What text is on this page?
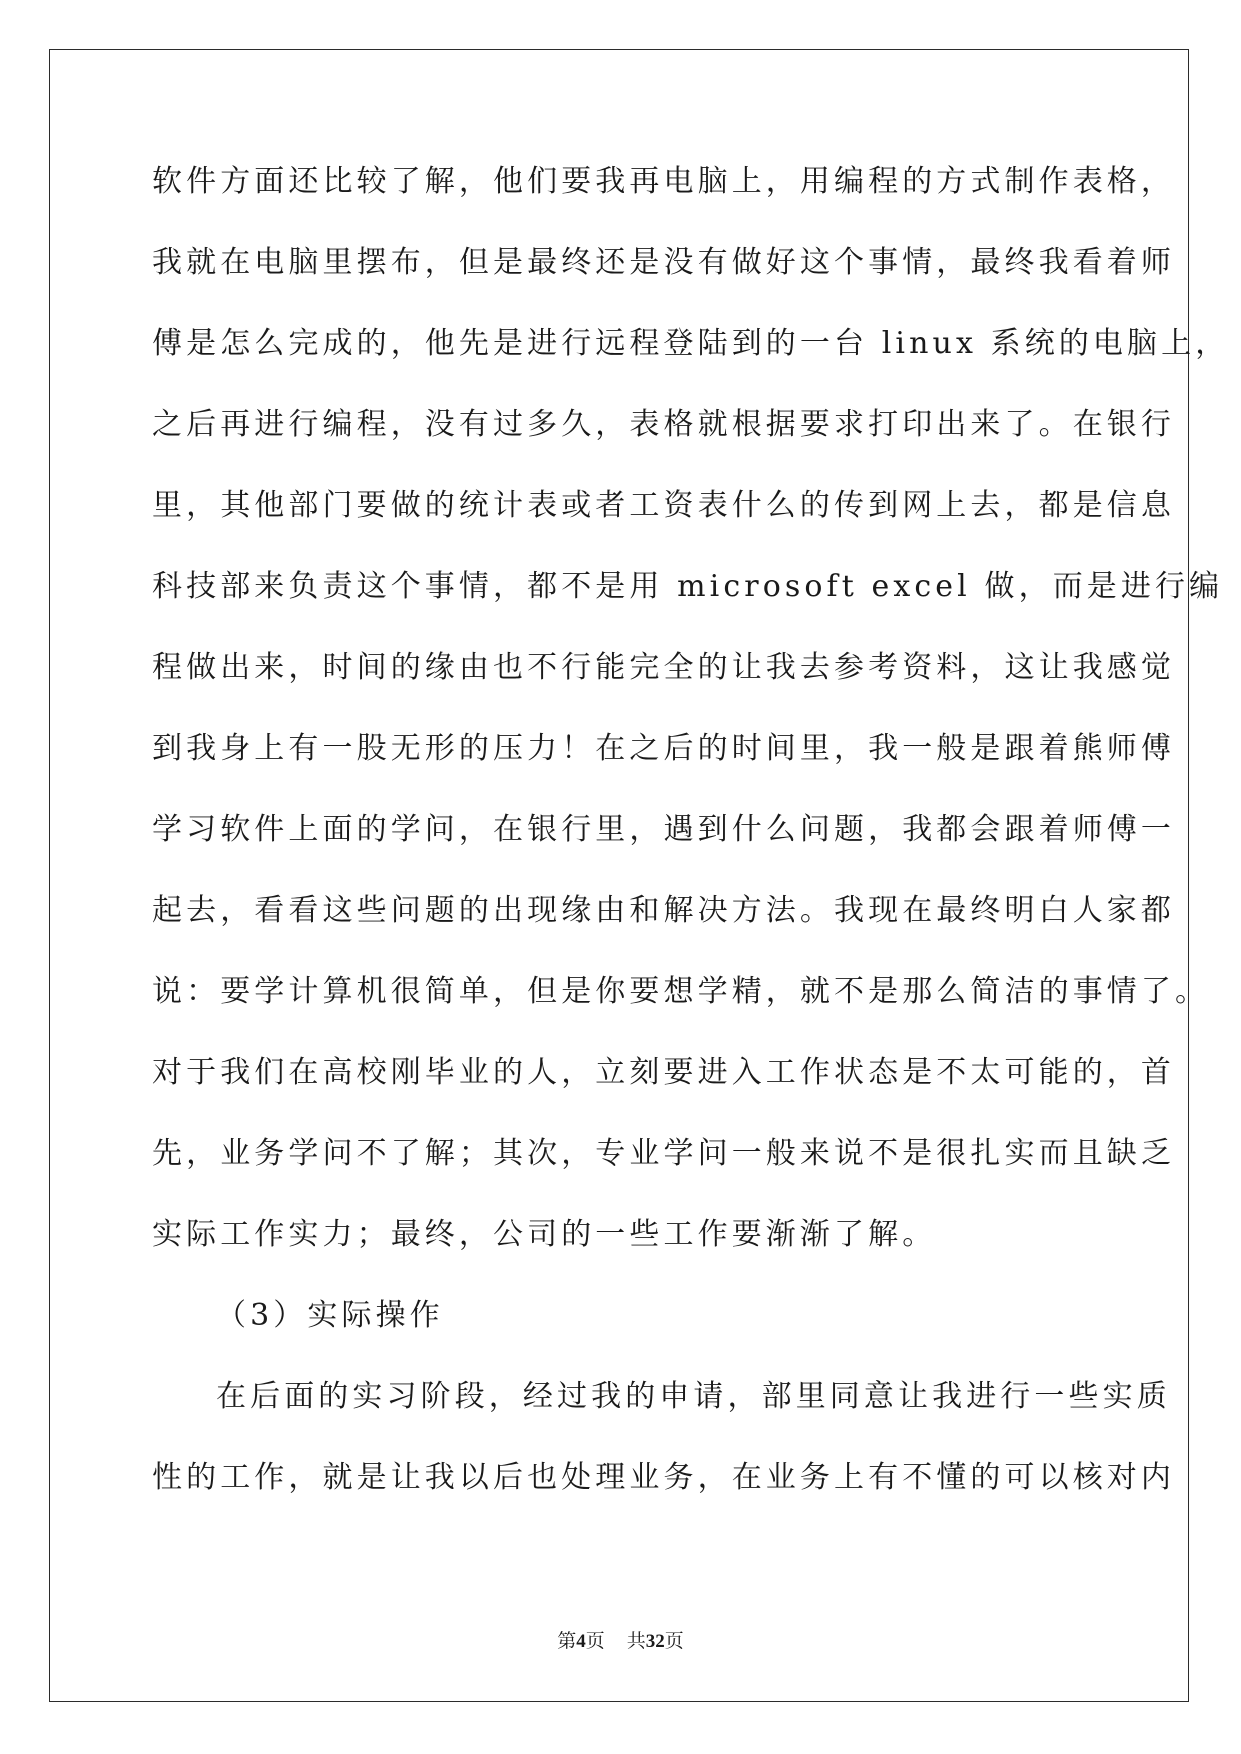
软件方面还比较了解，他们要我再电脑上，用编程的方式制作表格，
我就在电脑里摆布，但是最终还是没有做好这个事情，最终我看着师
傅是怎么完成的，他先是进行远程登陆到的一台 linux 系统的电脑上，
之后再进行编程，没有过多久，表格就根据要求打印出来了。在银行
里，其他部门要做的统计表或者工资表什么的传到网上去，都是信息
科技部来负责这个事情，都不是用 microsoft excel 做，而是进行编
程做出来，时间的缘由也不行能完全的让我去参考资料，这让我感觉
到我身上有一股无形的压力！在之后的时间里，我一般是跟着熊师傅
学习软件上面的学问，在银行里，遇到什么问题，我都会跟着师傅一
起去，看看这些问题的出现缘由和解决方法。我现在最终明白人家都
说：要学计算机很简单，但是你要想学精，就不是那么简洁的事情了。
对于我们在高校刚毕业的人，立刻要进入工作状态是不太可能的，首
先，业务学问不了解；其次，专业学问一般来说不是很扎实而且缺乏
实际工作实力；最终，公司的一些工作要渐渐了解。
（3）实际操作
在后面的实习阶段，经过我的申请，部里同意让我进行一些实质
性的工作，就是让我以后也处理业务，在业务上有不懂的可以核对内
第4页 共32页
